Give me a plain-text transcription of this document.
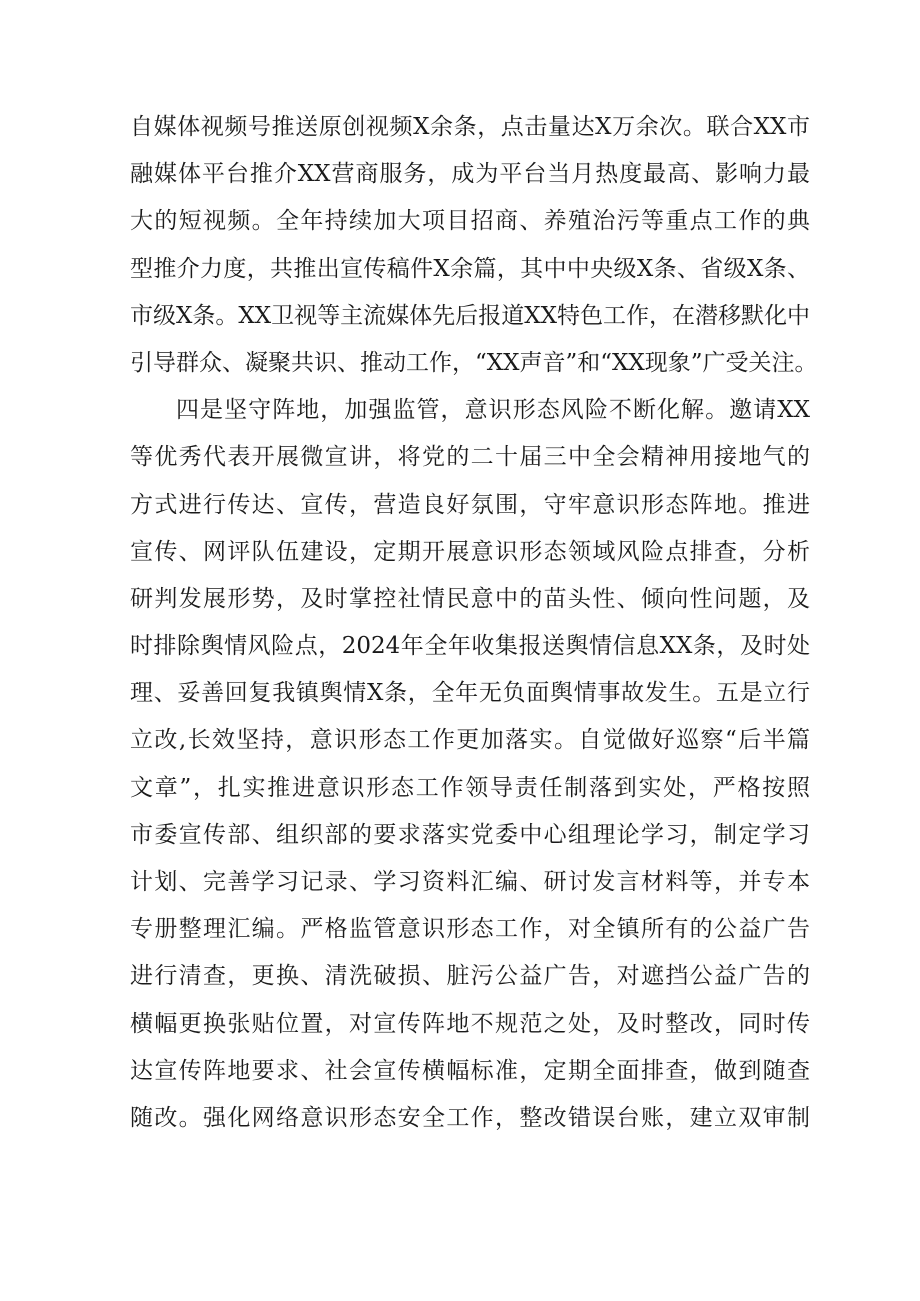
自媒体视频号推送原创视频X余条，点击量达X万余次。联合XX市
融媒体平台推介XX营商服务，成为平台当月热度最高、影响力最
大的短视频。全年持续加大项目招商、养殖治污等重点工作的典
型推介力度，共推出宣传稿件X余篇，其中中央级X条、省级X条、
市级X条。XX卫视等主流媒体先后报道XX特色工作，在潜移默化中
引导群众、凝聚共识、推动工作，“XX声音”和“XX现象”广受关注。
四是坚守阵地，加强监管，意识形态风险不断化解。邀请XX
等优秀代表开展微宣讲，将党的二十届三中全会精神用接地气的
方式进行传达、宣传，营造良好氛围，守牢意识形态阵地。推进
宣传、网评队伍建设，定期开展意识形态领域风险点排查，分析
研判发展形势，及时掌控社情民意中的苗头性、倾向性问题，及
时排除舆情风险点，2024年全年收集报送舆情信息XX条，及时处
理、妥善回复我镇舆情X条，全年无负面舆情事故发生。五是立行
立改,长效坚持，意识形态工作更加落实。自觉做好巡察“后半篇
文章”，扎实推进意识形态工作领导责任制落到实处，严格按照
市委宣传部、组织部的要求落实党委中心组理论学习，制定学习
计划、完善学习记录、学习资料汇编、研讨发言材料等，并专本
专册整理汇编。严格监管意识形态工作，对全镇所有的公益广告
进行清查，更换、清洗破损、脏污公益广告，对遮挡公益广告的
横幅更换张贴位置，对宣传阵地不规范之处，及时整改，同时传
达宣传阵地要求、社会宣传横幅标准，定期全面排查，做到随查
随改。强化网络意识形态安全工作，整改错误台账，建立双审制
